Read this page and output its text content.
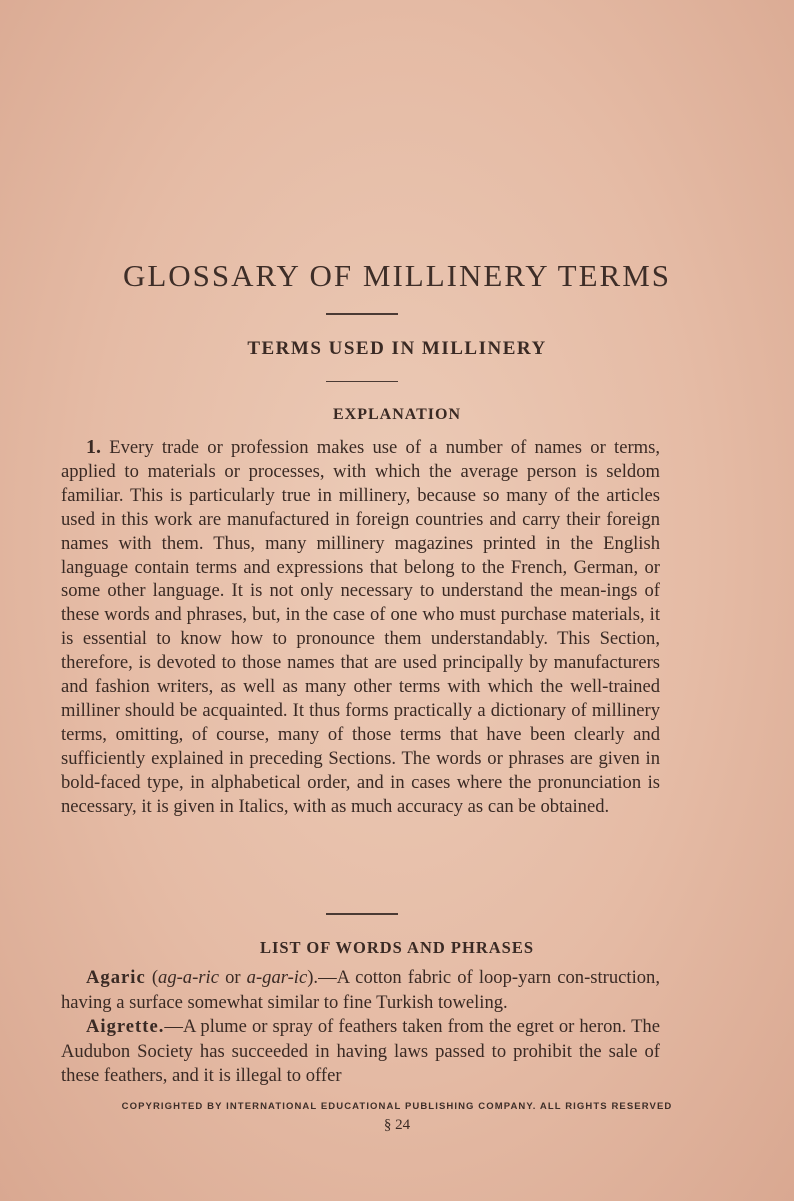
GLOSSARY OF MILLINERY TERMS
TERMS USED IN MILLINERY
EXPLANATION

1. Every trade or profession makes use of a number of names or terms, applied to materials or processes, with which the average person is seldom familiar. This is particularly true in millinery, because so many of the articles used in this work are manufactured in foreign countries and carry their foreign names with them. Thus, many millinery magazines printed in the English language contain terms and expressions that belong to the French, German, or some other language. It is not only necessary to understand the mean-ings of these words and phrases, but, in the case of one who must purchase materials, it is essential to know how to pronounce them understandably. This Section, therefore, is devoted to those names that are used principally by manufacturers and fashion writers, as well as many other terms with which the well-trained milliner should be acquainted. It thus forms practically a dictionary of millinery terms, omitting, of course, many of those terms that have been clearly and sufficiently explained in preceding Sections. The words or phrases are given in bold-faced type, in alphabetical order, and in cases where the pronunciation is necessary, it is given in Italics, with as much accuracy as can be obtained.

LIST OF WORDS AND PHRASES

Agaric (ag-a-ric or a-gar-ic).—A cotton fabric of loop-yarn con-struction, having a surface somewhat similar to fine Turkish toweling.

Aigrette.—A plume or spray of feathers taken from the egret or heron. The Audubon Society has succeeded in having laws passed to prohibit the sale of these feathers, and it is illegal to offer

COPYRIGHTED BY INTERNATIONAL EDUCATIONAL PUBLISHING COMPANY. ALL RIGHTS RESERVED
§ 24
